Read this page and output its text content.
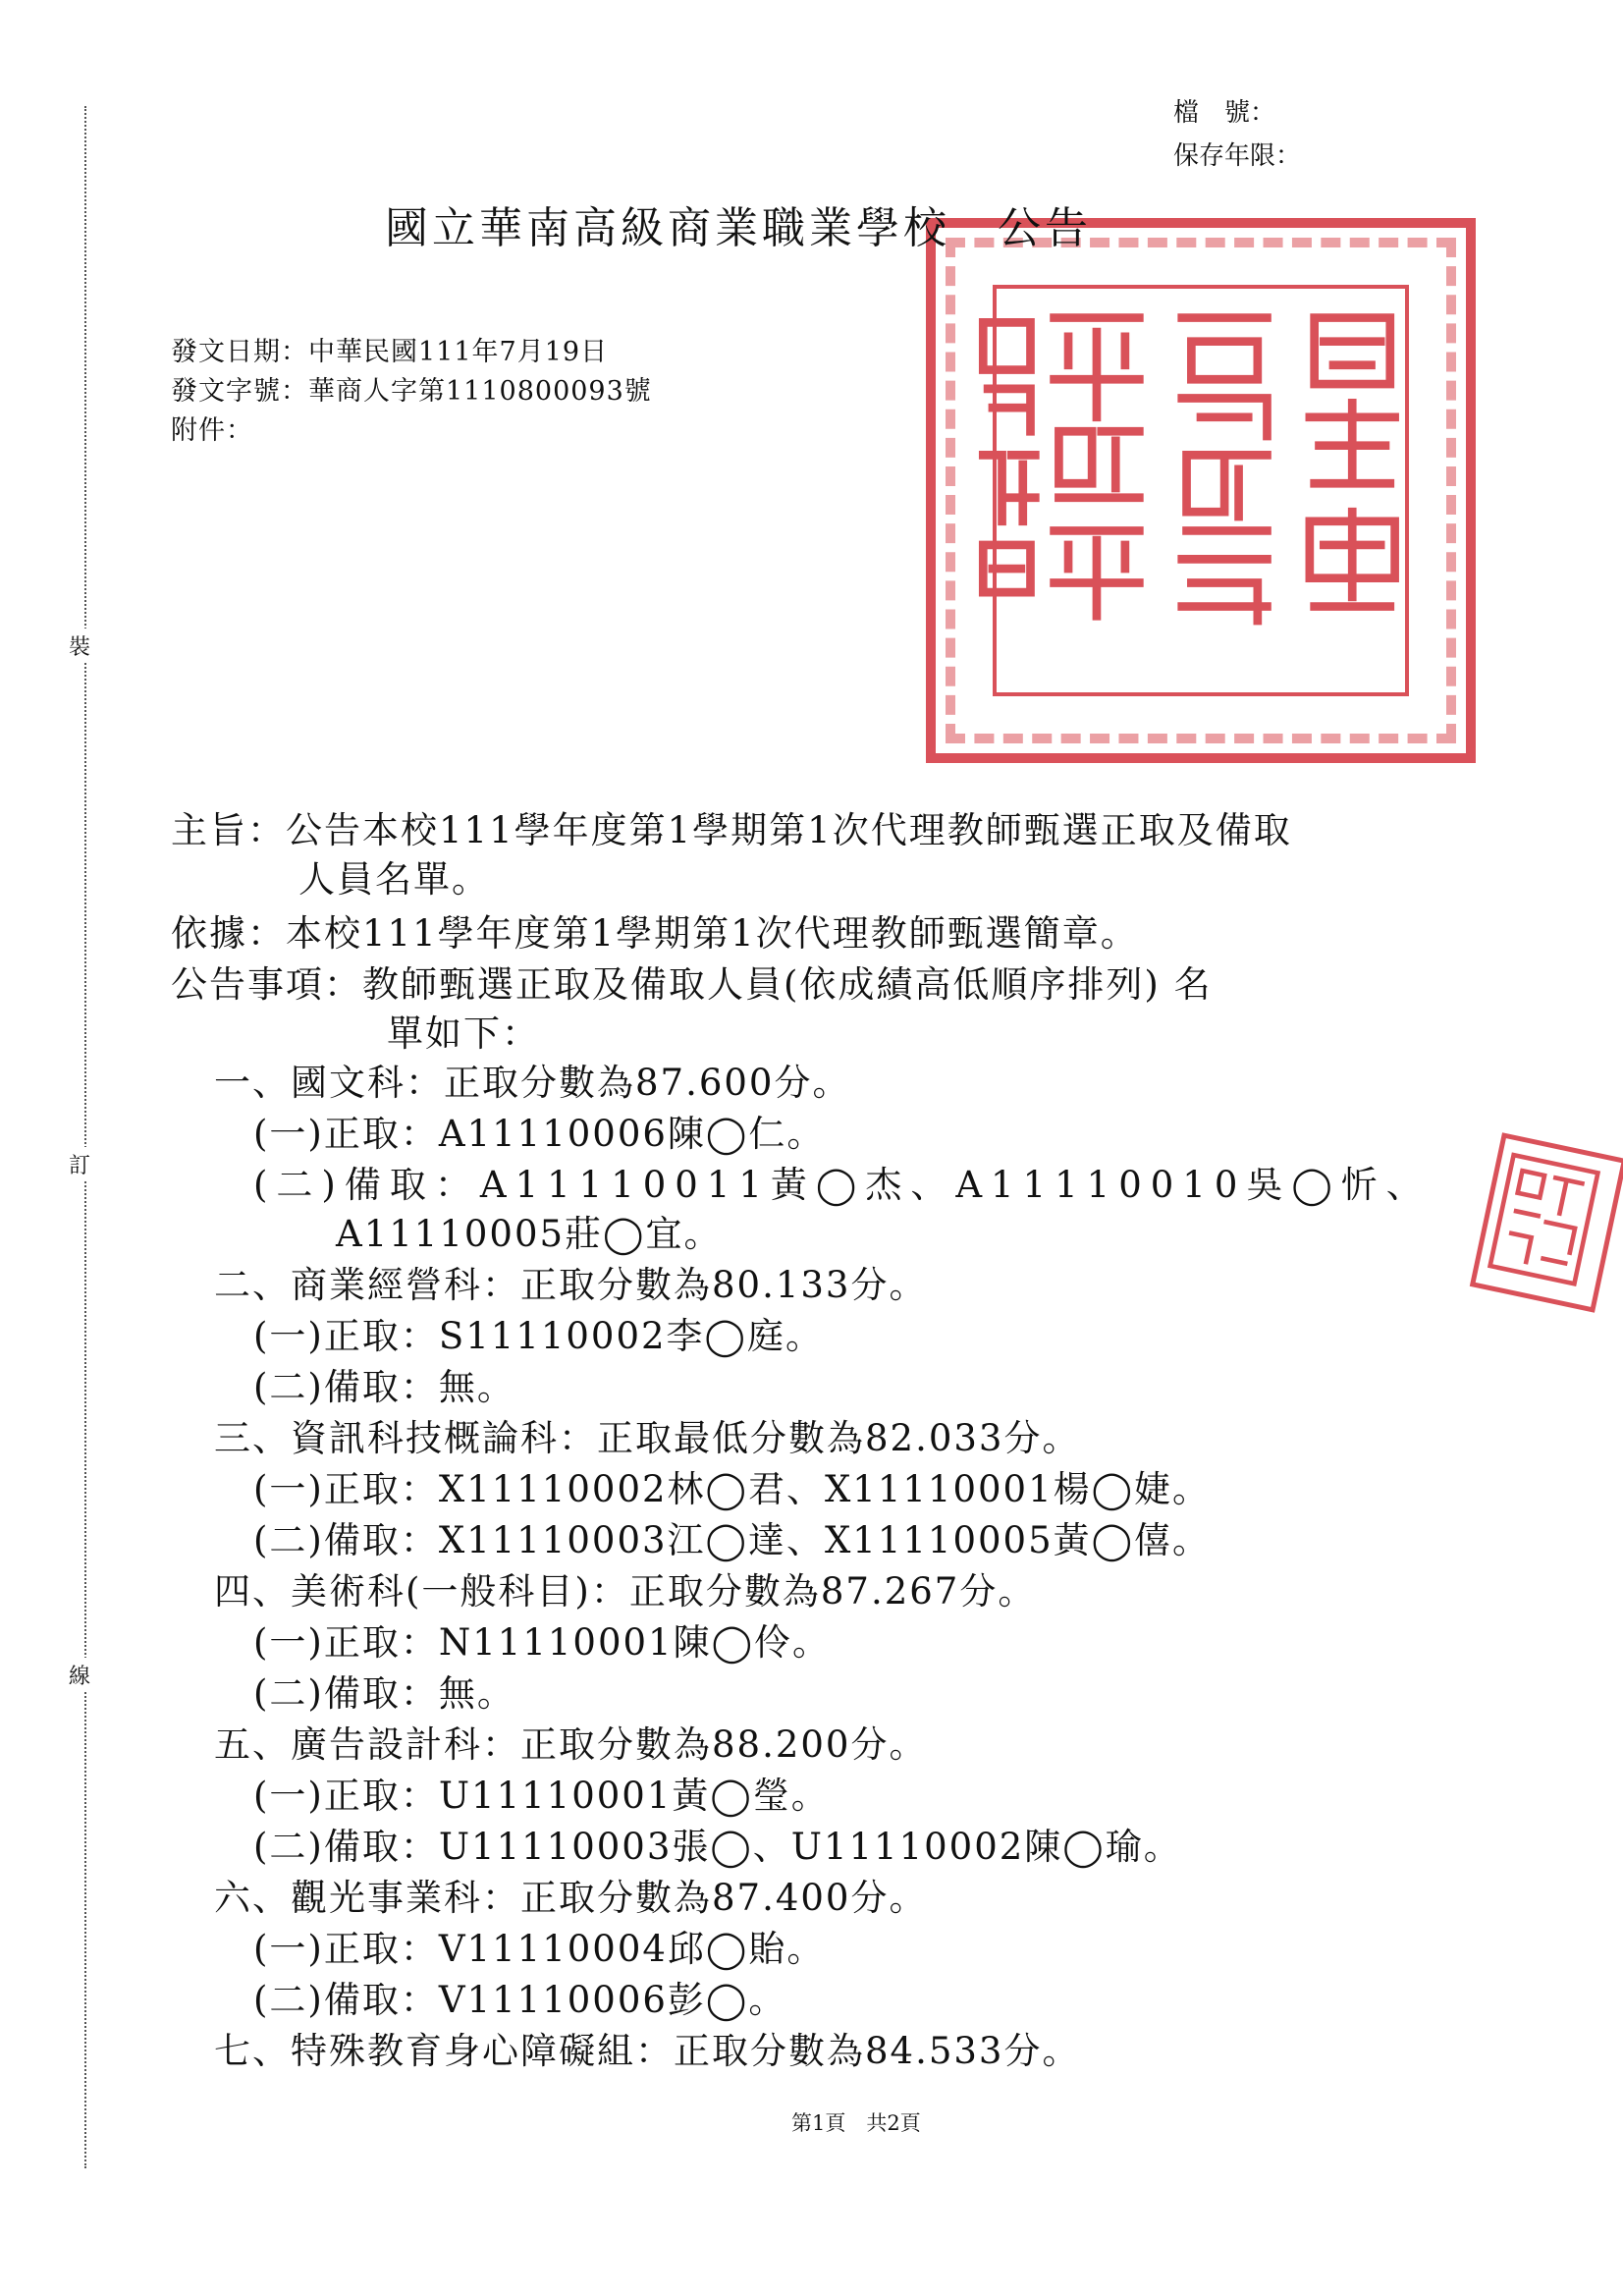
裝
訂
線
檔　號：
保存年限：
國立華南高級商業職業學校　公告
發文日期：中華民國111年7月19日
發文字號：華商人字第1110800093號
附件：
主旨：公告本校111學年度第1學期第1次代理教師甄選正取及備取
人員名單。
依據：本校111學年度第1學期第1次代理教師甄選簡章。
公告事項：教師甄選正取及備取人員(依成績高低順序排列) 名
單如下：
一、國文科：正取分數為87.600分。
(一)正取：A11110006陳◯仁。
(二)備取：A11110011黃◯杰、A11110010吳◯忻、
A11110005莊◯宜。
二、商業經營科：正取分數為80.133分。
(一)正取：S11110002李◯庭。
(二)備取：無。
三、資訊科技概論科：正取最低分數為82.033分。
(一)正取：X11110002林◯君、X11110001楊◯婕。
(二)備取：X11110003江◯達、X11110005黃◯僖。
四、美術科(一般科目)：正取分數為87.267分。
(一)正取：N11110001陳◯伶。
(二)備取：無。
五、廣告設計科：正取分數為88.200分。
(一)正取：U11110001黃◯瑩。
(二)備取：U11110003張◯、U11110002陳◯瑜。
六、觀光事業科：正取分數為87.400分。
(一)正取：V11110004邱◯貽。
(二)備取：V11110006彭◯。
七、特殊教育身心障礙組：正取分數為84.533分。
第1頁　共2頁
